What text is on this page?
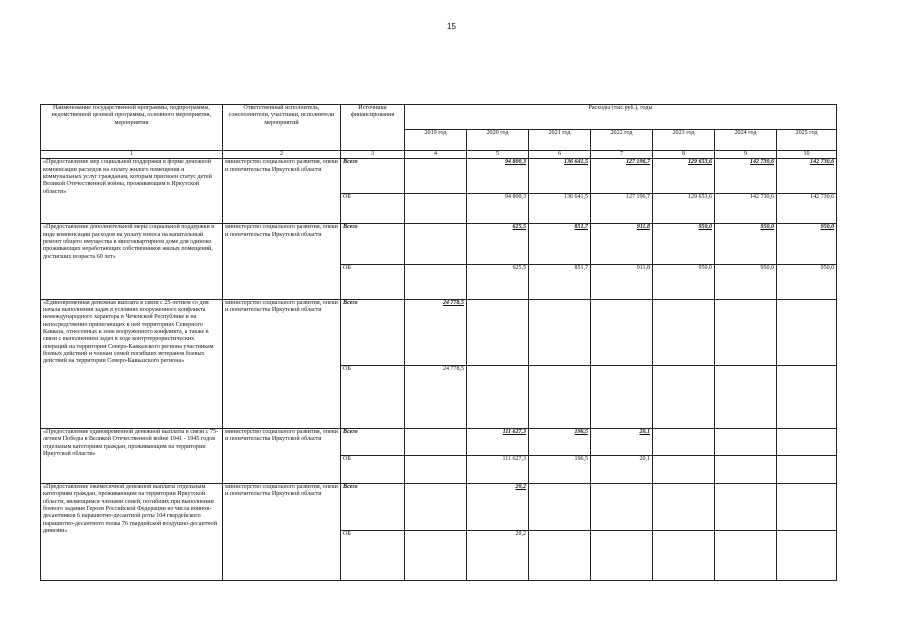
15
Наименование государственной программы, подпрограммы, ведомственной целевой программы, основного мероприятия, мероприятия	Ответственный исполнитель, соисполнители, участники, исполнители мероприятий	Источники финансирования	Расходы (тыс.руб.), годы						
			2019 год	2020 год	2021 год	2022 год	2023 год	2024 год	2025 год
1	2	3	4	5	6	7	8	9	10
«Предоставление мер социальной поддержки в форме денежной компенсации расходов на оплату жилого помещения и коммунальных услуг гражданам, которым присвоен статус детей Великой Отечественной войны, проживающим в Иркутской области»	министерство социального развития, опеки и попечительства Иркутской области	Всего		94 800,3	136 641,5	127 196,7	129 653,6	142 730,6	142 730,6
		ОБ		94 800,3	136 641,5	127 196,7	129 653,6	142 730,6	142 730,6
«Предоставление дополнительной меры социальной поддержки в виде компенсации расходов на уплату взноса на капитальный ремонт общего имущества в многоквартирном доме для одиноко проживающих неработающих собственников жилых помещений, достигших возраста 60 лет»	министерство социального развития, опеки и попечительства Иркутской области	Всего		625,5	851,7	911,8	950,0	950,0	950,0
		ОБ		625,5	851,7	911,8	950,0	950,0	950,0
«Единовременная денежная выплата в связи с 25-летием со дня начала выполнения задач в условиях вооруженного конфликта немеждународного характера в Чеченской Республике и на непосредственно прилегающих к ней территориях Северного Кавказа, отнесенных к зоне вооруженного конфликта, а также в связи с выполнением задач в ходе контртеррористических операций на территории Северо-Кавказского региона участникам боевых действий и членам семей погибших ветеранов боевых действий на территории Северо-Кавказского региона»	министерство социального развития, опеки и попечительства Иркутской области	Всего	24 778,5						
		ОБ	24 778,5						
«Предоставление единовременной денежной выплаты в связи с 75-летием Победы в Великой Отечественной войне 1941 - 1945 годов отдельным категориям граждан, проживающим на территории Иркутской области»	министерство социального развития, опеки и попечительства Иркутской области	Всего		111 627,3	196,5	20,1			
		ОБ		111 627,3	196,5	20,1			
«Предоставление ежемесячной денежной выплаты отдельным категориям граждан, проживающим на территории Иркутской области, являющимся членами семей, погибших при выполнении боевого задания Героев Российской Федерации из числа воинов-десантников 6 парашютно-десантной роты 104 гвардейского парашютно-десантного полка 76 гвардейской воздушно-десантной дивизии»	министерство социального развития, опеки и попечительства Иркутской области	Всего		20,2					
		ОБ		20,2					
